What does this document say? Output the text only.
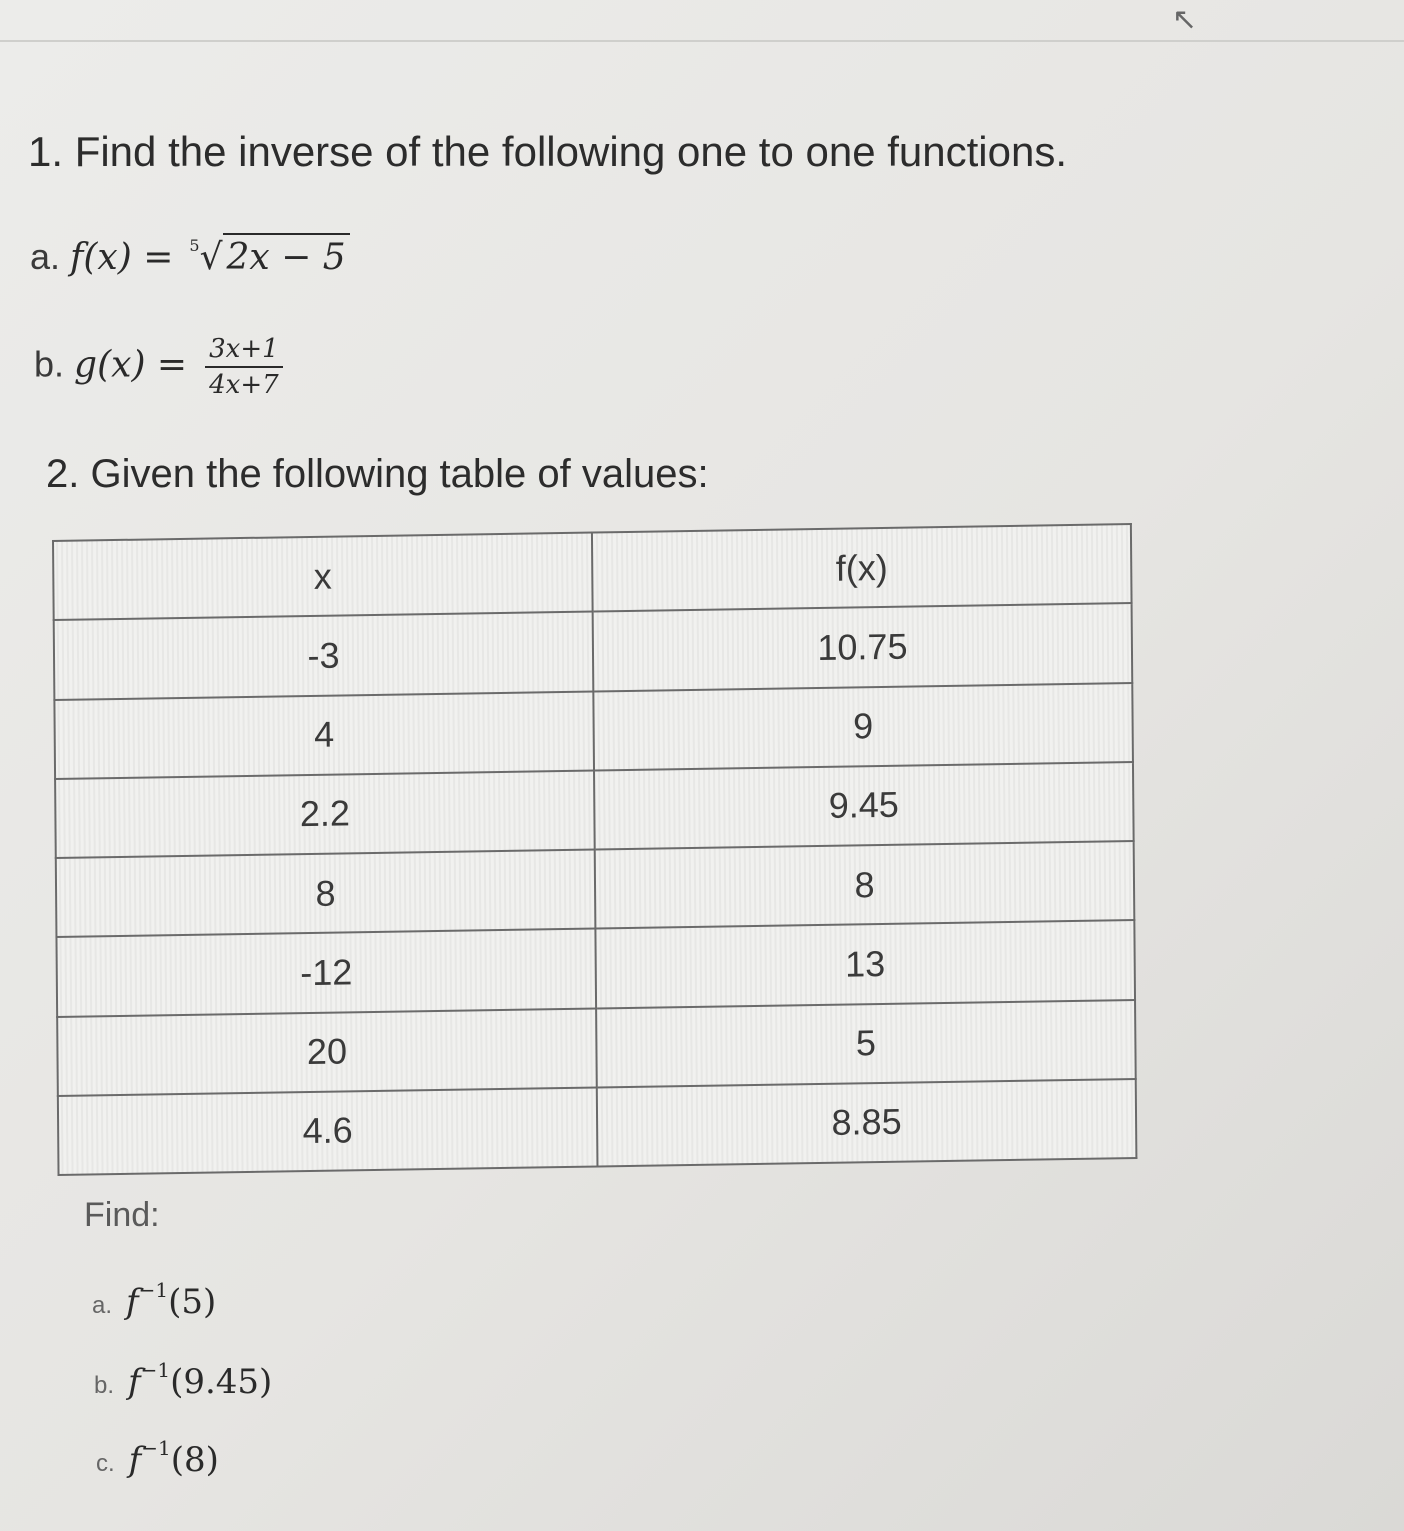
↖
1. Find the inverse of the following one to one functions.
a. f(x) = $^5$√ 2x − 5
b. $g(x) = \frac{3x+1}{4x+7}$
2. Given the following table of values:
x	f(x)
-3	10.75
4	9
2.2	9.45
8	8
-12	13
20	5
4.6	8.85
Find:
a. $f^{-1}(5)$
b. $f^{-1}(9.45)$
c. $f^{-1}(8)$
